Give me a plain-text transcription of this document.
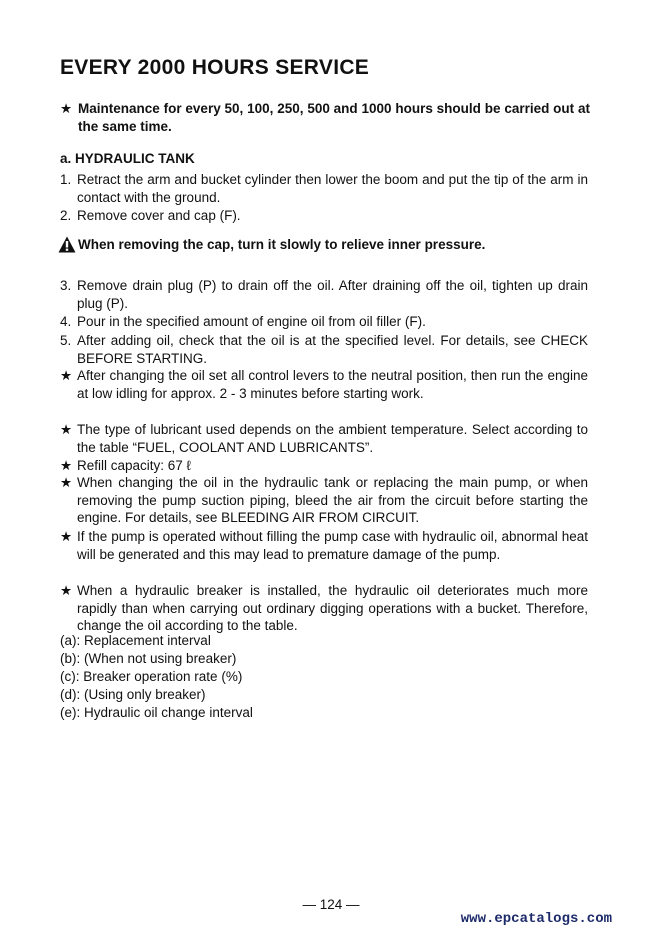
EVERY 2000 HOURS SERVICE
★ Maintenance for every 50, 100, 250, 500 and 1000 hours should be carried out at the same time.
a. HYDRAULIC TANK
1. Retract the arm and bucket cylinder then lower the boom and put the tip of the arm in contact with the ground.
2. Remove cover and cap (F).
When removing the cap, turn it slowly to relieve inner pressure.
3. Remove drain plug (P) to drain off the oil. After draining off the oil, tighten up drain plug (P).
4. Pour in the specified amount of engine oil from oil filler (F).
5. After adding oil, check that the oil is at the specified level. For details, see CHECK BEFORE STARTING.
★ After changing the oil set all control levers to the neutral position, then run the engine at low idling for approx. 2 - 3 minutes before starting work.
★ The type of lubricant used depends on the ambient temperature. Select according to the table “FUEL, COOLANT AND LUBRICANTS”.
★ Refill capacity: 67 ℓ
★ When changing the oil in the hydraulic tank or replacing the main pump, or when removing the pump suction piping, bleed the air from the circuit before starting the engine. For details, see BLEEDING AIR FROM CIRCUIT.
★ If the pump is operated without filling the pump case with hydraulic oil, abnormal heat will be generated and this may lead to premature damage of the pump.
★ When a hydraulic breaker is installed, the hydraulic oil deteriorates much more rapidly than when carrying out ordinary digging operations with a bucket. Therefore, change the oil according to the table.
(a): Replacement interval
(b): (When not using breaker)
(c): Breaker operation rate (%)
(d): (Using only breaker)
(e): Hydraulic oil change interval
— 124 —
www.epcatalogs.com
